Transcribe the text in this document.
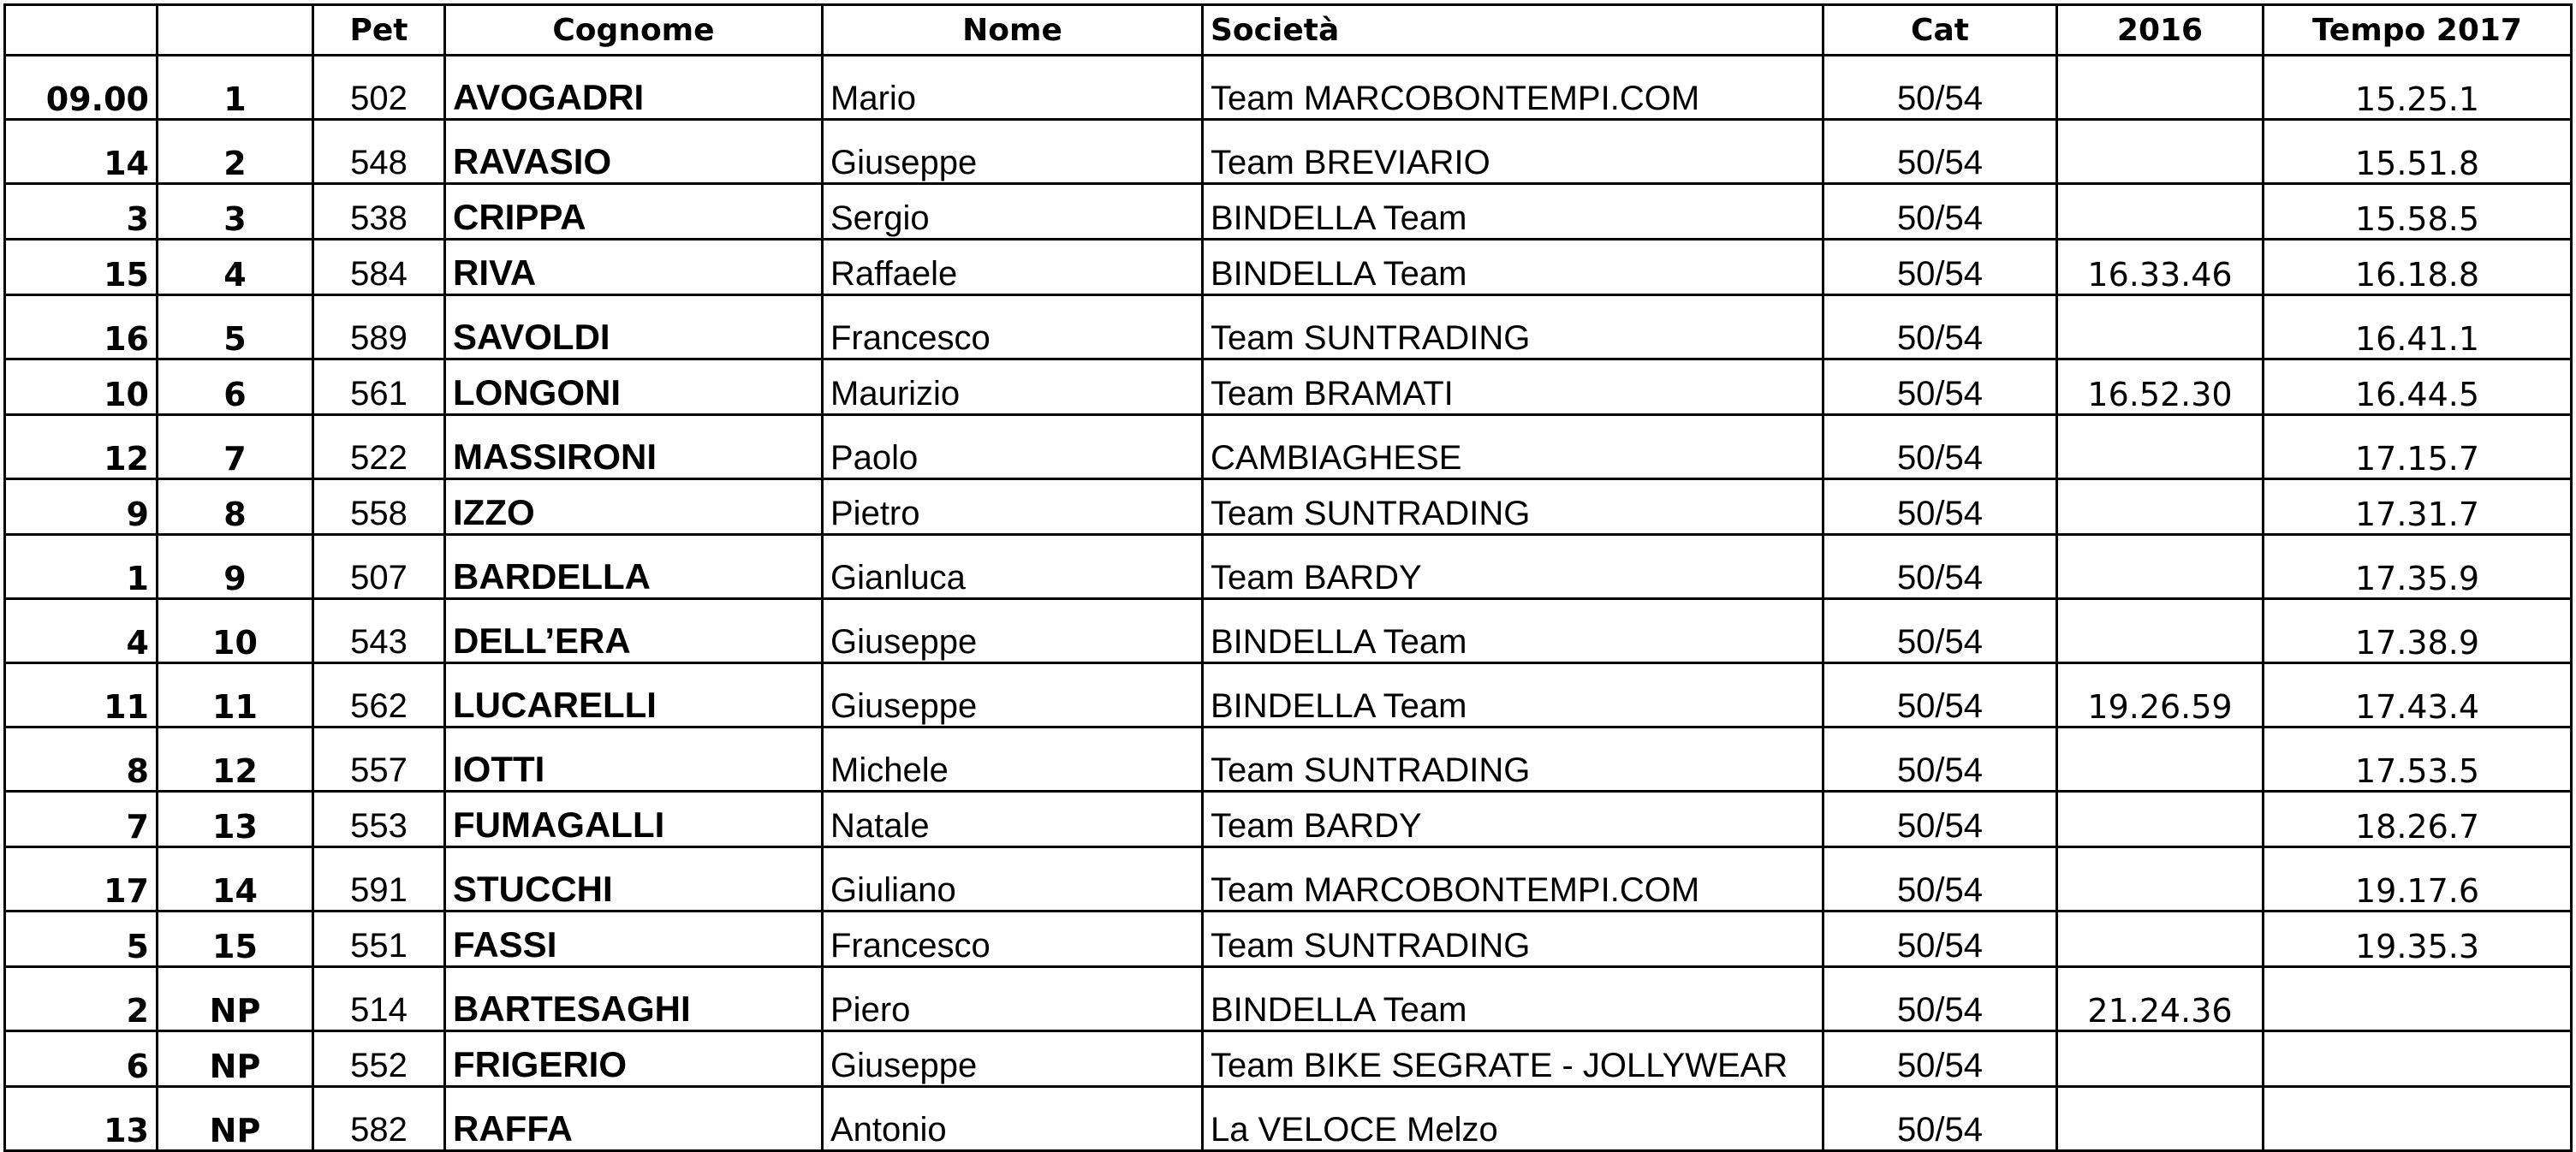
		Pet	Cognome	Nome	Società	Cat	2016	Tempo 2017
09.00	1	502	AVOGADRI	Mario	Team MARCOBONTEMPI.COM	50/54		15.25.1
14	2	548	RAVASIO	Giuseppe	Team BREVIARIO	50/54		15.51.8
3	3	538	CRIPPA	Sergio	BINDELLA Team	50/54		15.58.5
15	4	584	RIVA	Raffaele	BINDELLA Team	50/54	16.33.46	16.18.8
16	5	589	SAVOLDI	Francesco	Team SUNTRADING	50/54		16.41.1
10	6	561	LONGONI	Maurizio	Team BRAMATI	50/54	16.52.30	16.44.5
12	7	522	MASSIRONI	Paolo	CAMBIAGHESE	50/54		17.15.7
9	8	558	IZZO	Pietro	Team SUNTRADING	50/54		17.31.7
1	9	507	BARDELLA	Gianluca	Team BARDY	50/54		17.35.9
4	10	543	DELL’ERA	Giuseppe	BINDELLA Team	50/54		17.38.9
11	11	562	LUCARELLI	Giuseppe	BINDELLA Team	50/54	19.26.59	17.43.4
8	12	557	IOTTI	Michele	Team SUNTRADING	50/54		17.53.5
7	13	553	FUMAGALLI	Natale	Team BARDY	50/54		18.26.7
17	14	591	STUCCHI	Giuliano	Team MARCOBONTEMPI.COM	50/54		19.17.6
5	15	551	FASSI	Francesco	Team SUNTRADING	50/54		19.35.3
2	NP	514	BARTESAGHI	Piero	BINDELLA Team	50/54	21.24.36	
6	NP	552	FRIGERIO	Giuseppe	Team BIKE SEGRATE - JOLLYWEAR	50/54		
13	NP	582	RAFFA	Antonio	La VELOCE Melzo	50/54		
